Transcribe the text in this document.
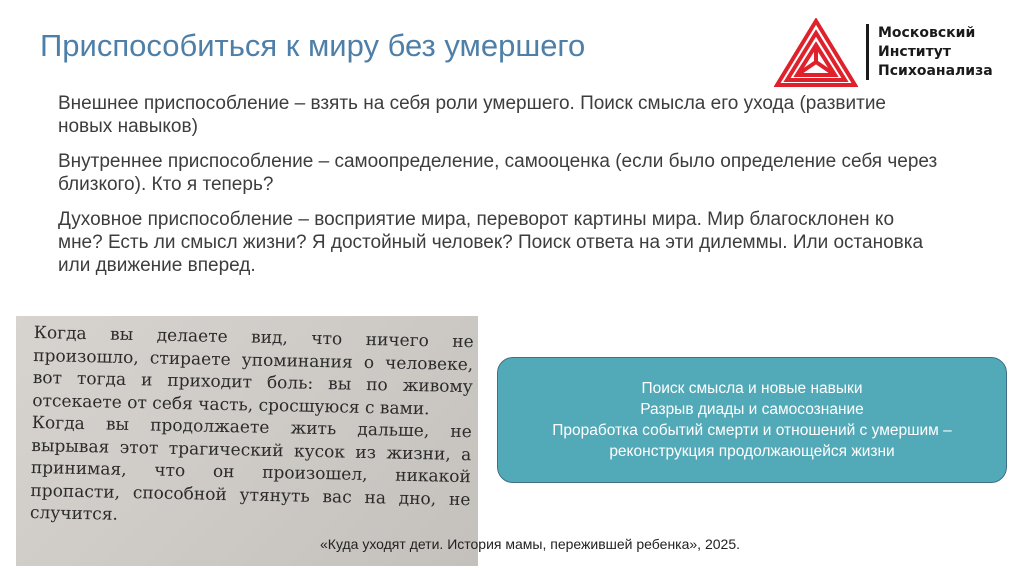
Приспособиться к миру без умершего	Московский
Институт
Психоанализа

Внешнее приспособление – взять на себя роли умершего. Поиск смысла его ухода (развитие новых навыков)

Внутреннее приспособление – самоопределение, самооценка (если было определение себя через близкого). Кто я теперь?

Духовное приспособление – восприятие мира, переворот картины мира. Мир благосклонен ко мне? Есть ли смысл жизни? Я достойный человек? Поиск ответа на эти дилеммы. Или остановка или движение вперед.

Когда вы делаете вид, что ничего не произошло, стираете упоминания о человеке, вот тогда и приходит боль: вы по живому отсекаете от себя часть, сросшуюся с вами.

Когда вы продолжаете жить дальше, не вырывая этот трагический кусок из жизни, а принимая, что он произошел, никакой пропасти, способной утянуть вас на дно, не случится.

Поиск смысла и новые навыки
Разрыв диады и самосознание
Проработка событий смерти и отношений с умершим –
реконструкция продолжающейся жизни
«Куда уходят дети. История мамы, пережившей ребенка», 2025.
